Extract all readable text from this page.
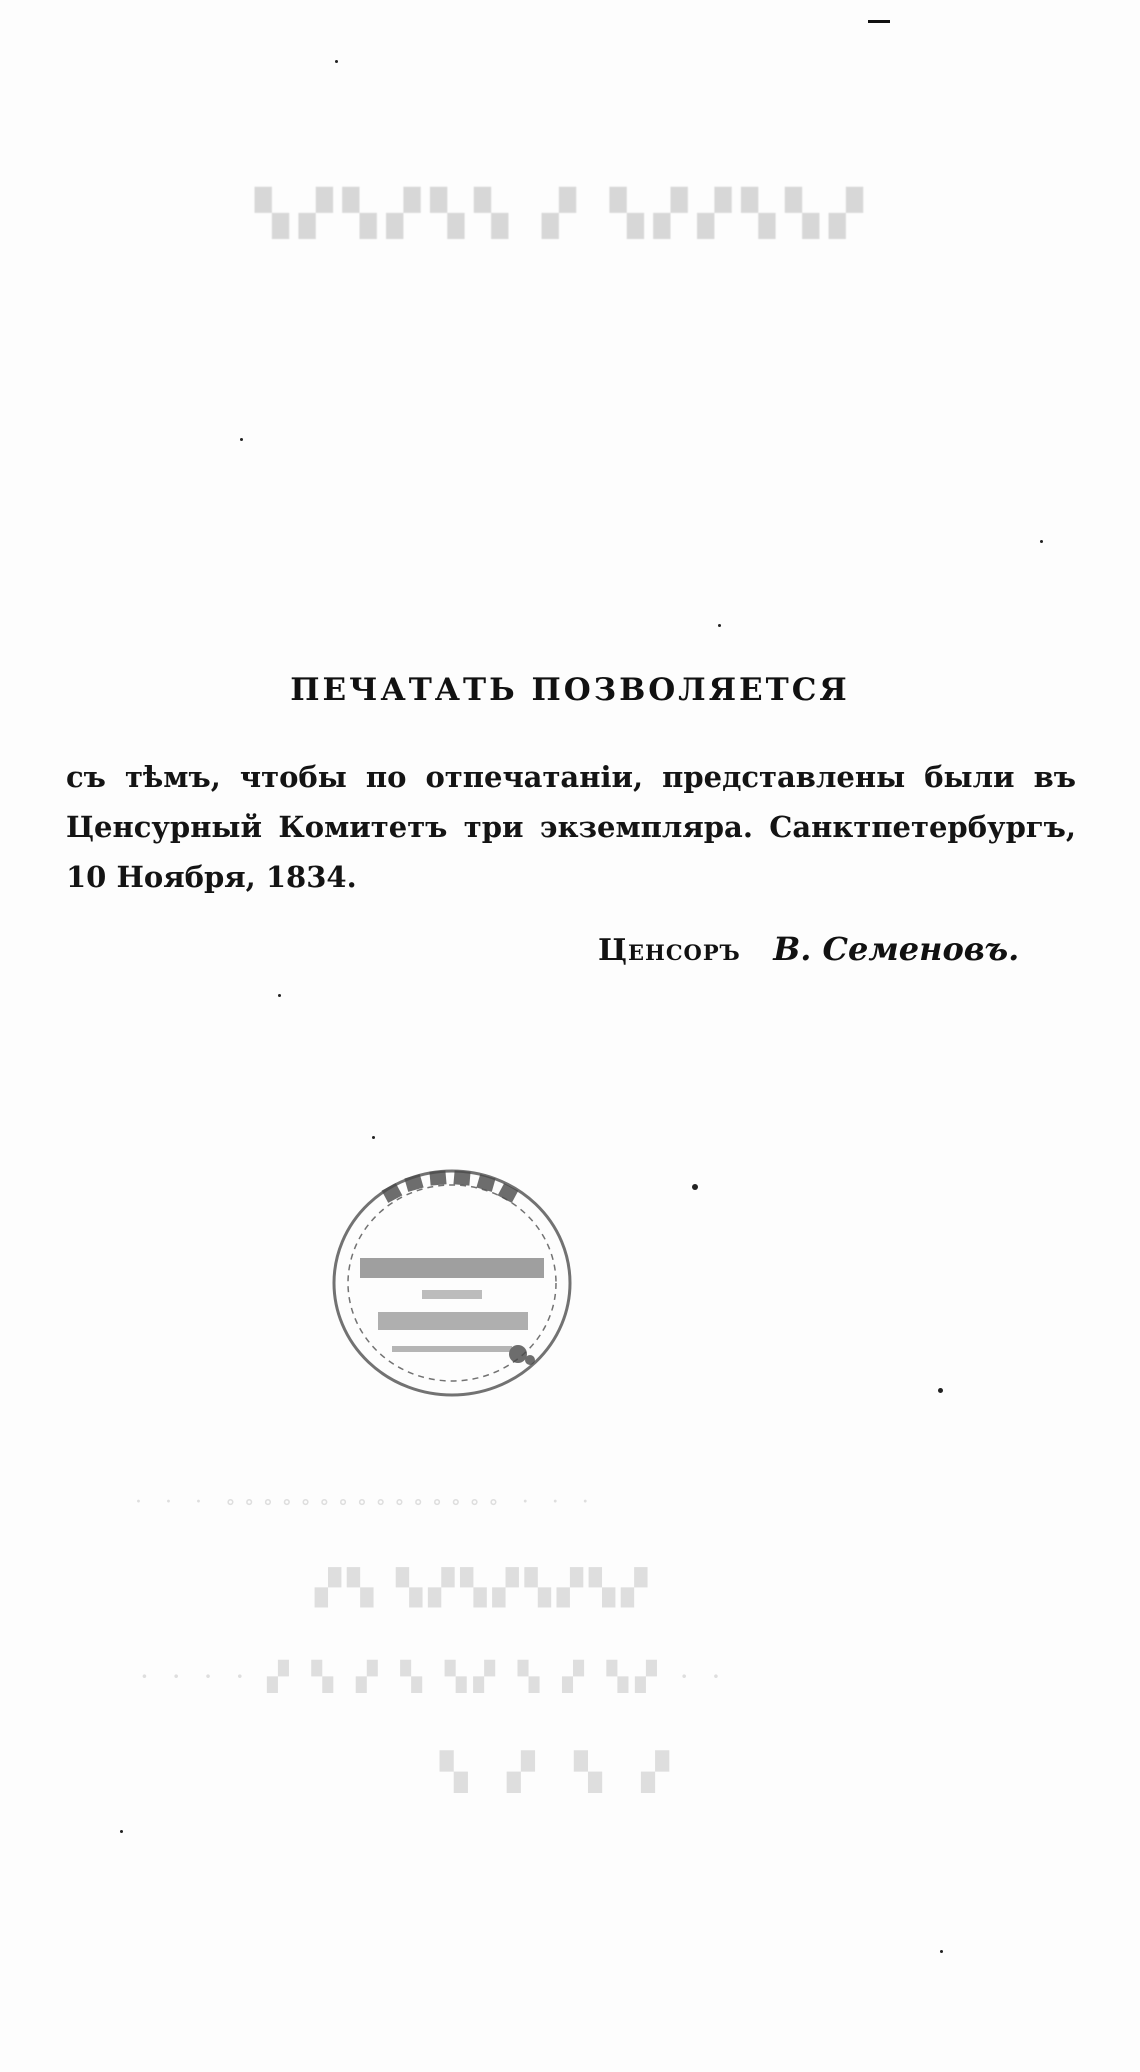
▚▞▚▞▚▚ ▞ ▚▞▞▚▚▞
· · · ∘∘∘∘∘∘∘∘∘∘∘∘∘∘∘ · · ·
▞▚ ▚▞▚▞▚▞▚▞
· · · · ▞ ▚ ▞ ▚ ▚▞ ▚ ▞ ▚▞ · ·
▚ ▞ ▚ ▞
ПЕЧАТАТЬ ПОЗВОЛЯЕТСЯ
съ тѣмъ, чтобы по отпечатаніи, представлены были въ
Ценсурный Комитетъ три экземпляра. Санктпетербургъ,
10 Ноября, 1834.
Ценсоръ В. Семеновъ.
